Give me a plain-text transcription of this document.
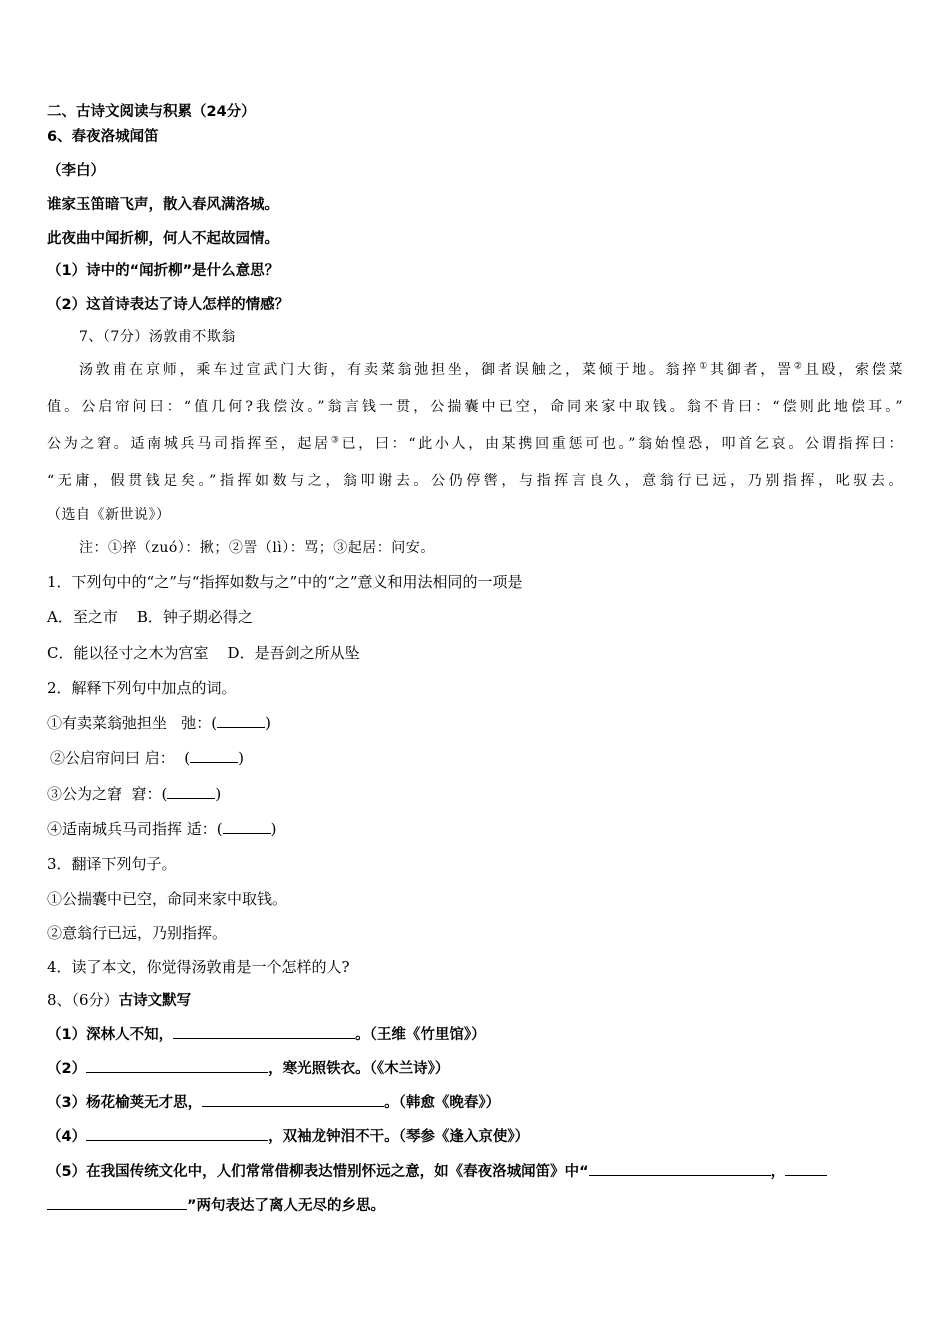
二、古诗文阅读与积累（24分）
6、春夜洛城闻笛
（李白）
谁家玉笛暗飞声，散入春风满洛城。
此夜曲中闻折柳，何人不起故园情。
（1）诗中的“闻折柳”是什么意思？
（2）这首诗表达了诗人怎样的情感？
7、（7分）汤敦甫不欺翁
汤敦甫在京师，乘车过宣武门大街，有卖菜翁弛担坐，御者误触之，菜倾于地。翁捽①其御者，詈②且殴，索偿菜
值。公启帘问曰：“值几何?我偿汝。”翁言钱一贯，公揣囊中已空，命同来家中取钱。翁不肯曰：“偿则此地偿耳。”
公为之窘。适南城兵马司指挥至，起居③已，曰：“此小人，由某携回重惩可也。”翁始惶恐，叩首乞哀。公谓指挥曰：
“无庸，假贯钱足矣。”指挥如数与之，翁叩谢去。公仍停辔，与指挥言良久，意翁行已远，乃别指挥，叱驭去。
（选自《新世说》）
注：①捽（zuó）：揪；②詈（lì）：骂；③起居：问安。
1．下列句中的“之”与“指挥如数与之”中的“之”意义和用法相同的一项是
A．至之市    B．钟子期必得之
C．能以径寸之木为宫室    D．是吾剑之所从坠
2．解释下列句中加点的词。
①有卖菜翁弛担坐   弛：(	)
②公启帘问曰 启：  (	)
③公为之窘  窘：(	)
④适南城兵马司指挥 适：(	)
3．翻译下列句子。
①公揣囊中已空，命同来家中取钱。
②意翁行已远，乃别指挥。
4．读了本文，你觉得汤敦甫是一个怎样的人?
8、（6分）古诗文默写
（1）深林人不知，	。（王维《竹里馆》）
（2）	，寒光照铁衣。（《木兰诗》）
（3）杨花榆荚无才思，	。（韩愈《晚春》）
（4）	，双袖龙钟泪不干。（琴参《逢入京使》）
（5）在我国传统文化中，人们常常借柳表达惜别怀远之意，如《春夜洛城闻笛》中“	，
”两句表达了离人无尽的乡思。
